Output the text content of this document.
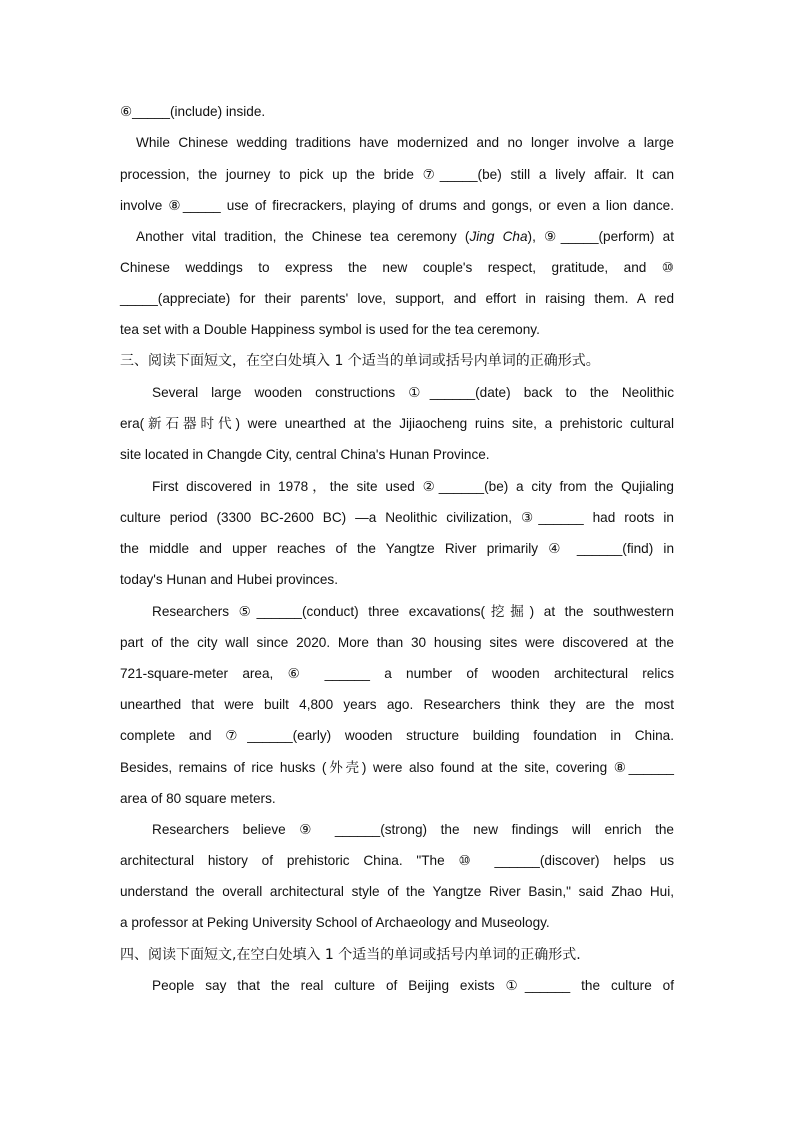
⑥_____(include) inside.
While Chinese wedding traditions have modernized and no longer involve a large
procession, the journey to pick up the bride ⑦_____(be) still a lively affair. It can
involve ⑧_____ use of firecrackers, playing of drums and gongs, or even a lion dance.
Another vital tradition, the Chinese tea ceremony (Jing Cha), ⑨_____(perform) at
Chinese weddings to express the new couple's respect, gratitude, and ⑩
_____(appreciate) for their parents' love, support, and effort in raising them. A red
tea set with a Double Happiness symbol is used for the tea ceremony.
三、阅读下面短文，在空白处填入 1 个适当的单词或括号内单词的正确形式。
Several large wooden constructions ①______(date) back to the Neolithic
era(新石器时代) were unearthed at the Jijiaocheng ruins site, a prehistoric cultural
site located in Changde City, central China's Hunan Province.
First discovered in 1978，the site used ②______(be) a city from the Qujialing
culture period (3300 BC-2600 BC) —a Neolithic civilization, ③______ had roots in
the middle and upper reaches of the Yangtze River primarily ④ ______(find) in
today's Hunan and Hubei provinces.
Researchers ⑤______(conduct) three excavations(挖掘) at the southwestern
part of the city wall since 2020. More than 30 housing sites were discovered at the
721-square-meter area, ⑥ ______ a number of wooden architectural relics
unearthed that were built 4,800 years ago. Researchers think they are the most
complete and ⑦______(early) wooden structure building foundation in China.
Besides, remains of rice husks (外壳) were also found at the site, covering ⑧______
area of 80 square meters.
Researchers believe ⑨ ______(strong) the new findings will enrich the
architectural history of prehistoric China. "The ⑩ ______(discover) helps us
understand the overall architectural style of the Yangtze River Basin," said Zhao Hui,
a professor at Peking University School of Archaeology and Museology.
四、阅读下面短文,在空白处填入 1 个适当的单词或括号内单词的正确形式.
People say that the real culture of Beijing exists ①______ the culture of
